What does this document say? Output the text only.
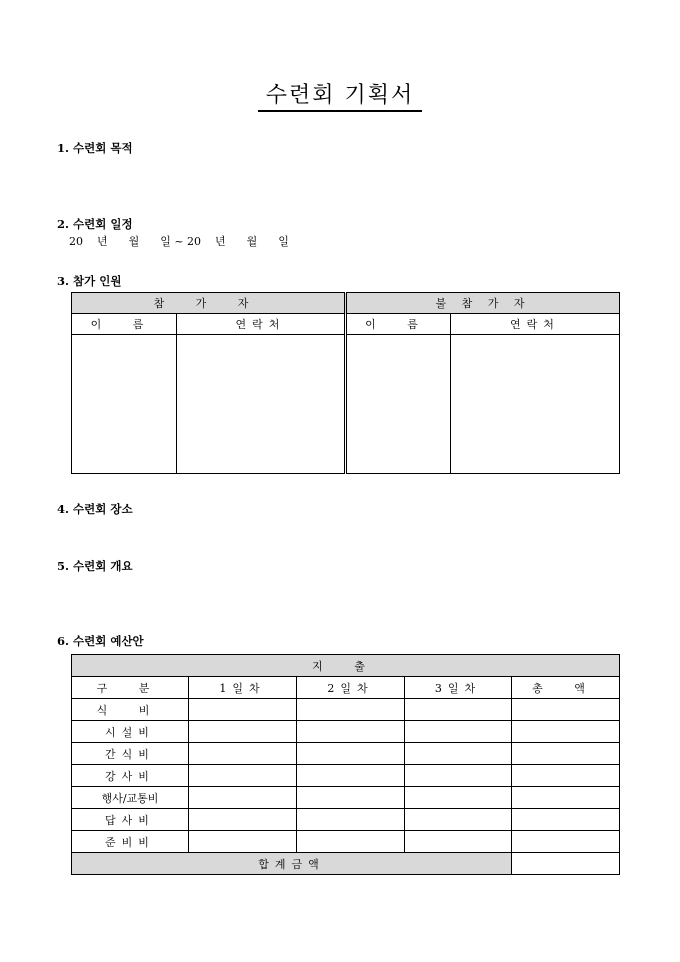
수련회 기획서
1. 수련회 목적
2. 수련회 일정
20    년      월      일 ~ 20    년      월      일
3. 참가 인원
참 가 자		불 참 가 자	
이 름	연락처	이 름	연락처

4. 수련회 장소
5. 수련회 개요
6. 수련회 예산안
지 출				
구 분	1일차	2일차	3일차	총 액
식 비				
시설비				
간식비				
강사비				
행사/교통비				
답사비				
준비비				
합계금액				
